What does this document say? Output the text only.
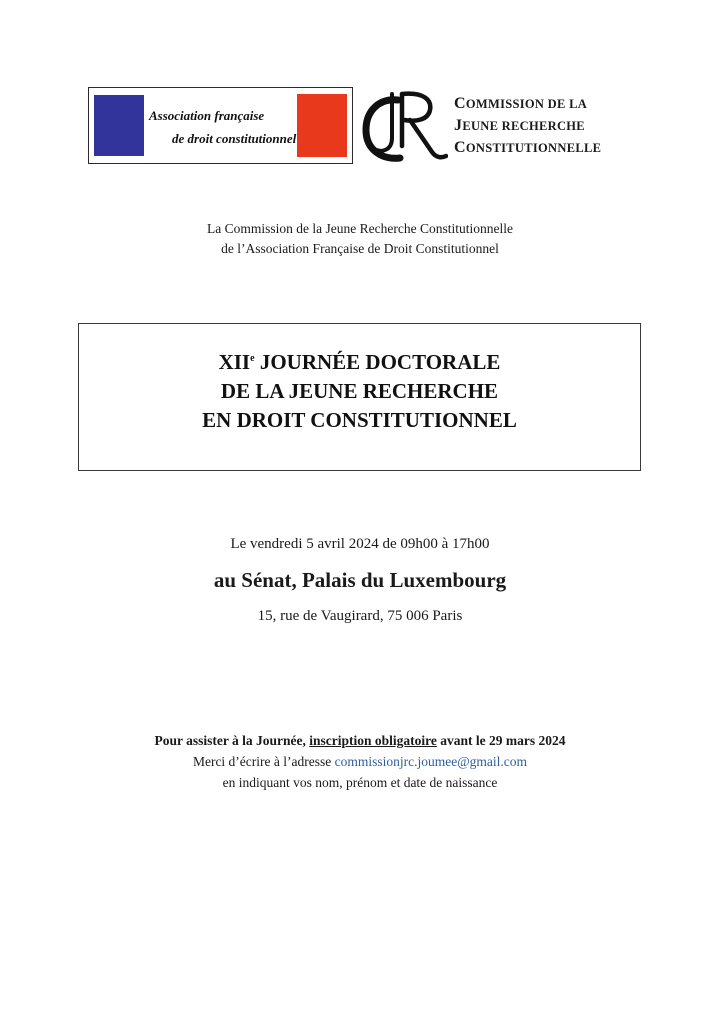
Association française
de droit constitutionnel
COMMISSION DE LA
JEUNE RECHERCHE
CONSTITUTIONNELLE
La Commission de la Jeune Recherche Constitutionnelle
de l’Association Française de Droit Constitutionnel
XIIe JOURNÉE DOCTORALE
DE LA JEUNE RECHERCHE
EN DROIT CONSTITUTIONNEL
Le vendredi 5 avril 2024 de 09h00 à 17h00
au Sénat, Palais du Luxembourg
15, rue de Vaugirard, 75 006 Paris
Pour assister à la Journée, inscription obligatoire avant le 29 mars 2024
Merci d’écrire à l’adresse commissionjrc.joumee@gmail.com
en indiquant vos nom, prénom et date de naissance
